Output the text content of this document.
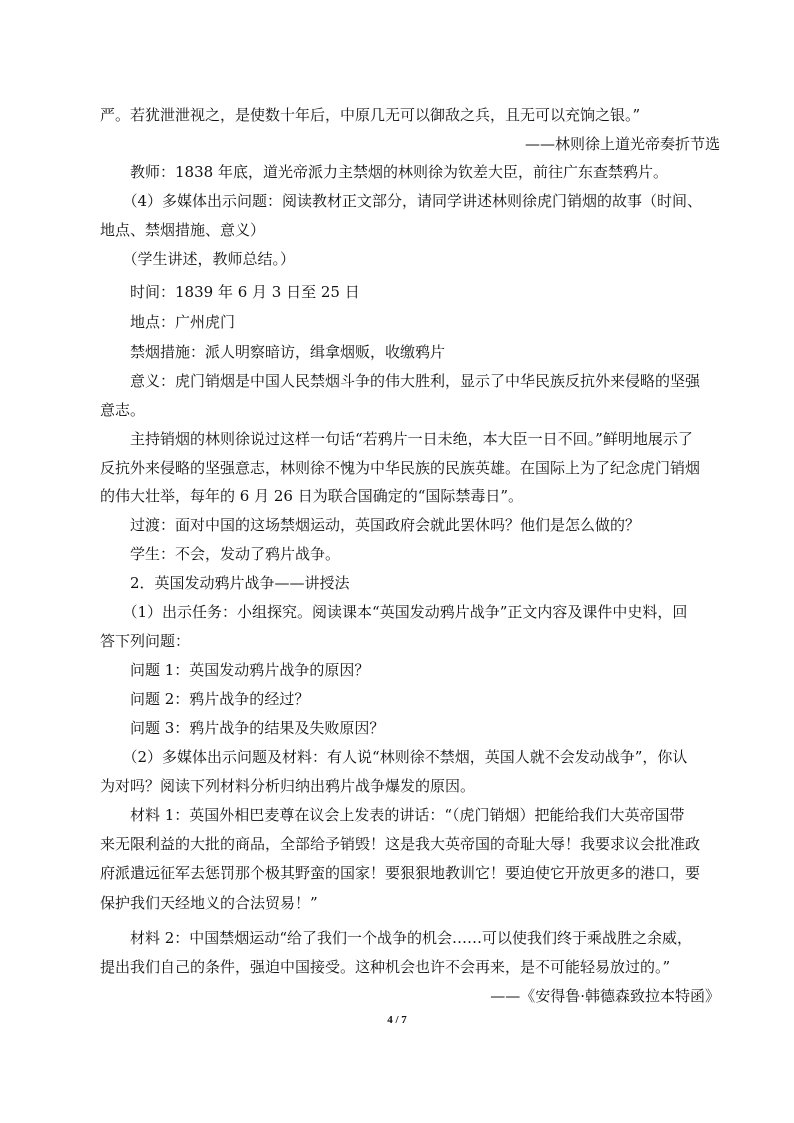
严。若犹泄泄视之，是使数十年后，中原几无可以御敌之兵，且无可以充饷之银。”
——林则徐上道光帝奏折节选
　　教师：1838 年底，道光帝派力主禁烟的林则徐为钦差大臣，前往广东查禁鸦片。
　　（4）多媒体出示问题：阅读教材正文部分，请同学讲述林则徐虎门销烟的故事（时间、
地点、禁烟措施、意义）
　　（学生讲述，教师总结。）
　　时间：1839 年 6 月 3 日至 25 日
　　地点：广州虎门
　　禁烟措施：派人明察暗访，缉拿烟贩，收缴鸦片
　　意义：虎门销烟是中国人民禁烟斗争的伟大胜利，显示了中华民族反抗外来侵略的坚强
意志。
　　主持销烟的林则徐说过这样一句话“若鸦片一日未绝，本大臣一日不回。”鲜明地展示了
反抗外来侵略的坚强意志，林则徐不愧为中华民族的民族英雄。在国际上为了纪念虎门销烟
的伟大壮举，每年的 6 月 26 日为联合国确定的“国际禁毒日”。
　　过渡：面对中国的这场禁烟运动，英国政府会就此罢休吗？他们是怎么做的？
　　学生：不会，发动了鸦片战争。
　　2．英国发动鸦片战争——讲授法
　　（1）出示任务：小组探究。阅读课本“英国发动鸦片战争”正文内容及课件中史料，回
答下列问题：
　　问题 1：英国发动鸦片战争的原因？
　　问题 2：鸦片战争的经过？
　　问题 3：鸦片战争的结果及失败原因？
　　（2）多媒体出示问题及材料：有人说“林则徐不禁烟，英国人就不会发动战争”，你认
为对吗？阅读下列材料分析归纳出鸦片战争爆发的原因。
　　材料 1：英国外相巴麦尊在议会上发表的讲话：“（虎门销烟）把能给我们大英帝国带
来无限利益的大批的商品，全部给予销毁！这是我大英帝国的奇耻大辱！我要求议会批准政
府派遣远征军去惩罚那个极其野蛮的国家！要狠狠地教训它！要迫使它开放更多的港口，要
保护我们天经地义的合法贸易！”
　　材料 2：中国禁烟运动“给了我们一个战争的机会……可以使我们终于乘战胜之余威，
提出我们自己的条件，强迫中国接受。这种机会也许不会再来，是不可能轻易放过的。”
——《安得鲁·韩德森致拉本特函》
4 / 7
